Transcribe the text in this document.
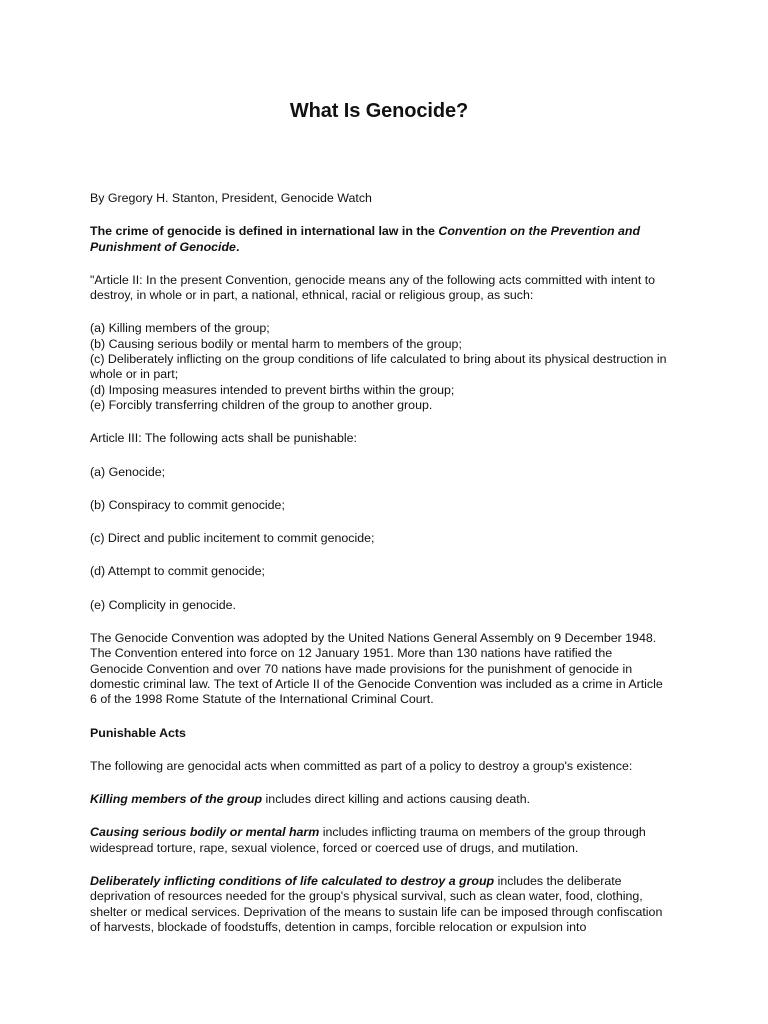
What Is Genocide?

By Gregory H. Stanton, President, Genocide Watch

The crime of genocide is defined in international law in the Convention on the Prevention and Punishment of Genocide.

"Article II: In the present Convention, genocide means any of the following acts committed with intent to destroy, in whole or in part, a national, ethnical, racial or religious group, as such:

(a) Killing members of the group;
(b) Causing serious bodily or mental harm to members of the group;
(c) Deliberately inflicting on the group conditions of life calculated to bring about its physical destruction in whole or in part;
(d) Imposing measures intended to prevent births within the group;
(e) Forcibly transferring children of the group to another group.

Article III: The following acts shall be punishable:

(a) Genocide;

(b) Conspiracy to commit genocide;

(c) Direct and public incitement to commit genocide;

(d) Attempt to commit genocide;

(e) Complicity in genocide.

The Genocide Convention was adopted by the United Nations General Assembly on 9 December 1948. The Convention entered into force on 12 January 1951. More than 130 nations have ratified the Genocide Convention and over 70 nations have made provisions for the punishment of genocide in domestic criminal law. The text of Article II of the Genocide Convention was included as a crime in Article 6 of the 1998 Rome Statute of the International Criminal Court.

Punishable Acts

The following are genocidal acts when committed as part of a policy to destroy a group's existence:

Killing members of the group includes direct killing and actions causing death.

Causing serious bodily or mental harm includes inflicting trauma on members of the group through widespread torture, rape, sexual violence, forced or coerced use of drugs, and mutilation.

Deliberately inflicting conditions of life calculated to destroy a group includes the deliberate deprivation of resources needed for the group's physical survival, such as clean water, food, clothing, shelter or medical services. Deprivation of the means to sustain life can be imposed through confiscation of harvests, blockade of foodstuffs, detention in camps, forcible relocation or expulsion into
